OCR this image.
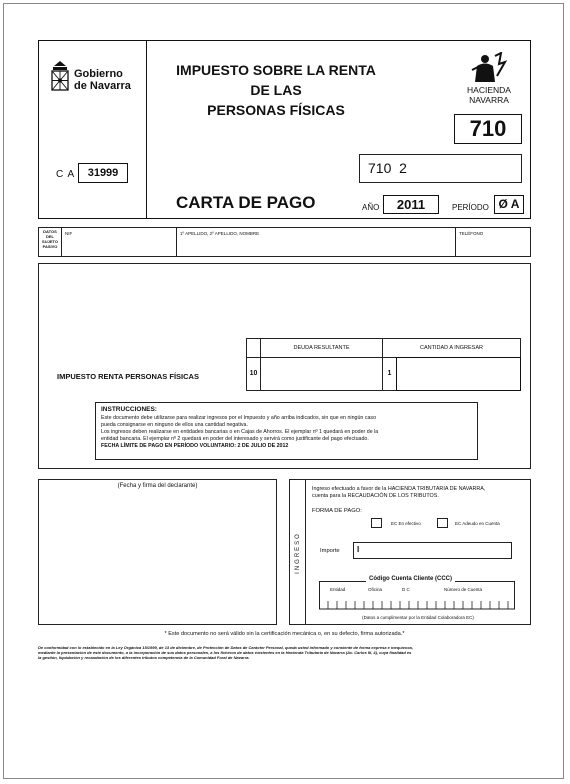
Gobierno
de Navarra
C A	31999
IMPUESTO SOBRE LA RENTA
DE LAS
PERSONAS FÍSICAS
HACIENDA
NAVARRA
710
710  2
CARTA DE PAGO	AÑO	2011	PERÍODO Ø A
DATOS
DEL
SUJETO
PASIVO
NIF	1º APELLIDO, 2º APELLIDO, NOMBRE	TELÉFONO
DEUDA RESULTANTE	CANTIDAD A INGRESAR
IMPUESTO RENTA PERSONAS FÍSICAS	10	1
INSTRUCCIONES:
Este documento debe utilizarse para realizar ingresos por el Impuesto y año arriba indicados, sin que en ningún caso
pueda consignarse en ninguno de ellos una cantidad negativa.
Los ingresos deben realizarse en entidades bancarias o en Cajas de Ahorros. El ejemplar nº 1 quedará en poder de la
entidad bancaria. El ejemplar nº 2 quedará en poder del interesado y servirá como justificante del pago efectuado.
FECHA LÍMITE DE PAGO EN PERÍODO VOLUNTARIO: 2 DE JULIO DE 2012
(Fecha y firma del declarante)
INGRESO
Ingreso efectuado a favor de la HACIENDA TRIBUTARIA DE NAVARRA,
cuenta para la RECAUDACIÓN DE LOS TRIBUTOS.
FORMA DE PAGO:
EC En efectivo	EC Adeudo en Cuenta
Importe I
Código Cuenta Cliente (CCC)
Entidad	Oficina	D C	Número de Cuenta
(Datos a cumplimentar por la Entidad Colaboradora EC)
* Este documento no será válido sin la certificación mecánica o, en su defecto, firma autorizada.*
De conformidad con lo establecido en la Ley Orgánica 15/1999, de 13 de diciembre, de Protección de Datos de Carácter Personal, queda usted informado y consiente de forma expresa e inequívoca,
mediante la presentación de este documento, a la incorporación de sus datos personales, a los ficheros de datos existentes en la Hacienda Tributaria de Navarra (Av. Carlos III, 4), cuya finalidad es
la gestión, liquidación y recaudación de los diferentes tributos competencia de la Comunidad Foral de Navarra.
